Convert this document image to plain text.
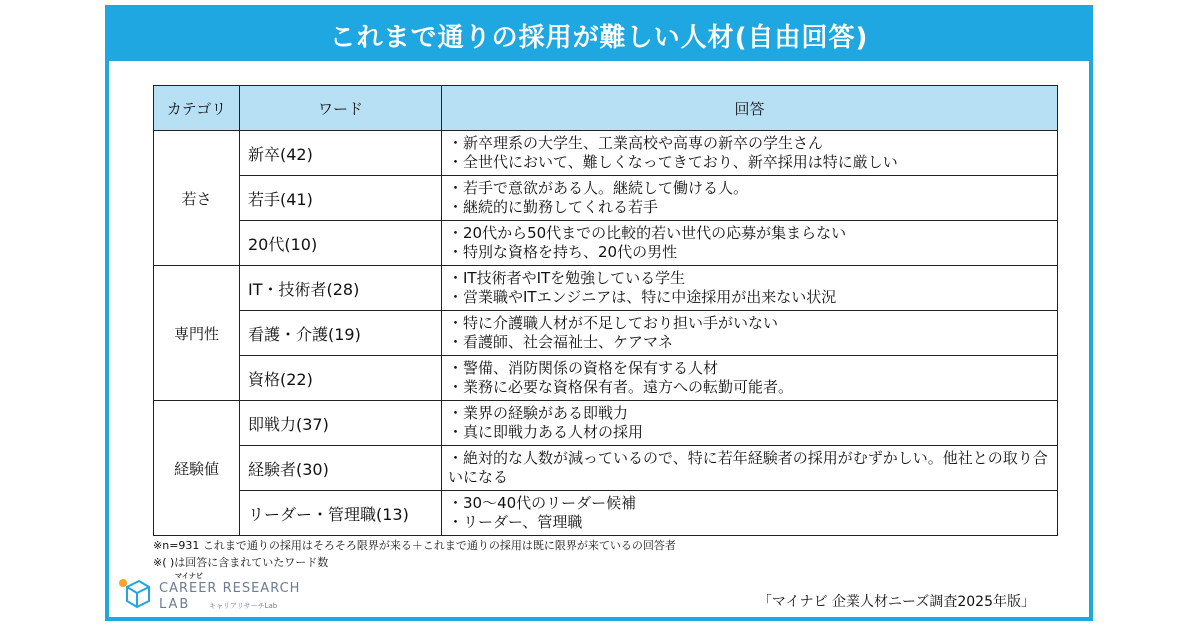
これまで通りの採用が難しい人材(自由回答)
カテゴリ	ワード	回答
若さ	新卒(42)	・新卒理系の大学生、工業高校や高専の新卒の学生さん
・全世代において、難しくなってきており、新卒採用は特に厳しい

	若手(41)	・若手で意欲がある人。継続して働ける人。
・継続的に勤務してくれる若手

	20代(10)	・20代から50代までの比較的若い世代の応募が集まらない
・特別な資格を持ち、20代の男性

専門性	IT・技術者(28)	・IT技術者やITを勉強している学生
・営業職やITエンジニアは、特に中途採用が出来ない状況

	看護・介護(19)	・特に介護職人材が不足しており担い手がいない
・看護師、社会福祉士、ケアマネ

	資格(22)	・警備、消防関係の資格を保有する人材
・業務に必要な資格保有者。遠方への転勤可能者。

経験値	即戦力(37)	・業界の経験がある即戦力
・真に即戦力ある人材の採用

	経験者(30)	・絶対的な人数が減っているので、特に若年経験者の採用がむずかしい。他社との取り合いになる

	リーダー・管理職(13)	・30～40代のリーダー候補
・リーダー、管理職
※n=931 これまで通りの採用はそろそろ限界が来る＋これまで通りの採用は既に限界が来ているの回答者
※( )は回答に含まれていたワード数
マイナビ
CAREER RESEARCH
LAB	キャリアリサーチLab	「マイナビ 企業人材ニーズ調査2025年版」
